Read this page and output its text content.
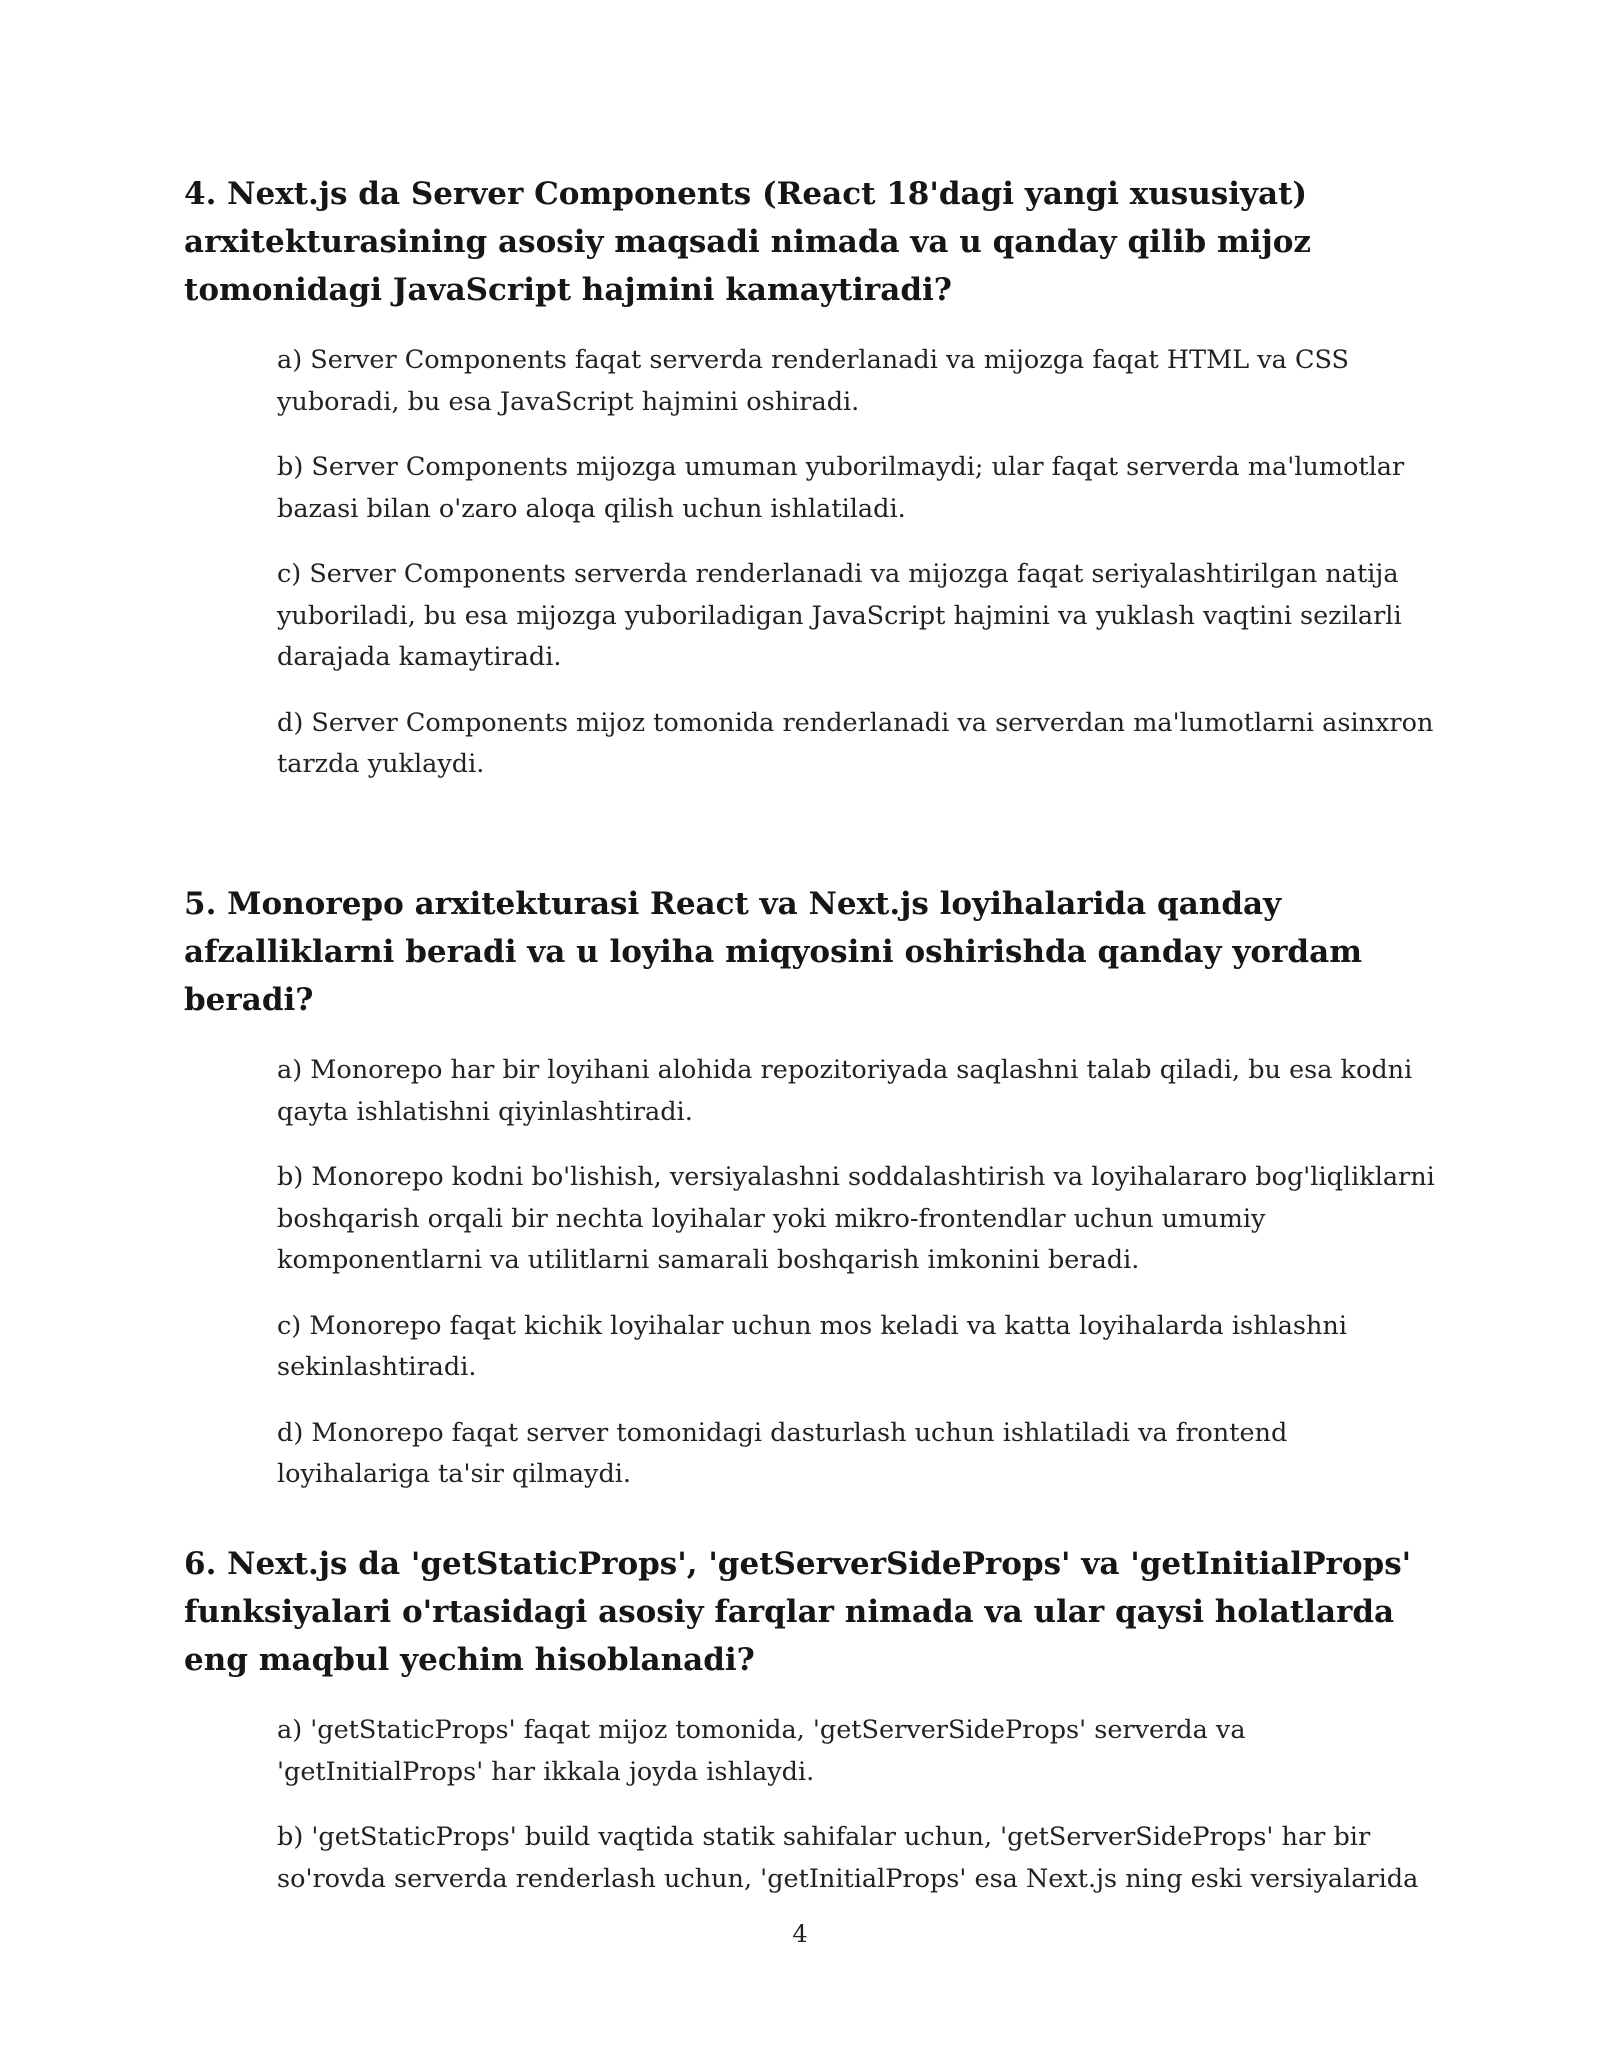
4. Next.js da Server Components (React 18'dagi yangi xususiyat) arxitekturasining asosiy maqsadi nimada va u qanday qilib mijoz tomonidagi JavaScript hajmini kamaytiradi?

a) Server Components faqat serverda renderlanadi va mijozga faqat HTML va CSS yuboradi, bu esa JavaScript hajmini oshiradi.

b) Server Components mijozga umuman yuborilmaydi; ular faqat serverda ma'lumotlar bazasi bilan o'zaro aloqa qilish uchun ishlatiladi.

c) Server Components serverda renderlanadi va mijozga faqat seriyalashtirilgan natija yuboriladi, bu esa mijozga yuboriladigan JavaScript hajmini va yuklash vaqtini sezilarli darajada kamaytiradi.

d) Server Components mijoz tomonida renderlanadi va serverdan ma'lumotlarni asinxron tarzda yuklaydi.

5. Monorepo arxitekturasi React va Next.js loyihalarida qanday afzalliklarni beradi va u loyiha miqyosini oshirishda qanday yordam beradi?

a) Monorepo har bir loyihani alohida repozitoriyada saqlashni talab qiladi, bu esa kodni qayta ishlatishni qiyinlashtiradi.

b) Monorepo kodni bo'lishish, versiyalashni soddalashtirish va loyihalararo bog'liqliklarni boshqarish orqali bir nechta loyihalar yoki mikro-frontendlar uchun umumiy komponentlarni va utilitlarni samarali boshqarish imkonini beradi.

c) Monorepo faqat kichik loyihalar uchun mos keladi va katta loyihalarda ishlashni sekinlashtiradi.

d) Monorepo faqat server tomonidagi dasturlash uchun ishlatiladi va frontend loyihalariga ta'sir qilmaydi.

6. Next.js da 'getStaticProps', 'getServerSideProps' va 'getInitialProps' funksiyalari o'rtasidagi asosiy farqlar nimada va ular qaysi holatlarda eng maqbul yechim hisoblanadi?

a) 'getStaticProps' faqat mijoz tomonida, 'getServerSideProps' serverda va 'getInitialProps' har ikkala joyda ishlaydi.

b) 'getStaticProps' build vaqtida statik sahifalar uchun, 'getServerSideProps' har bir so'rovda serverda renderlash uchun, 'getInitialProps' esa Next.js ning eski versiyalarida

4
